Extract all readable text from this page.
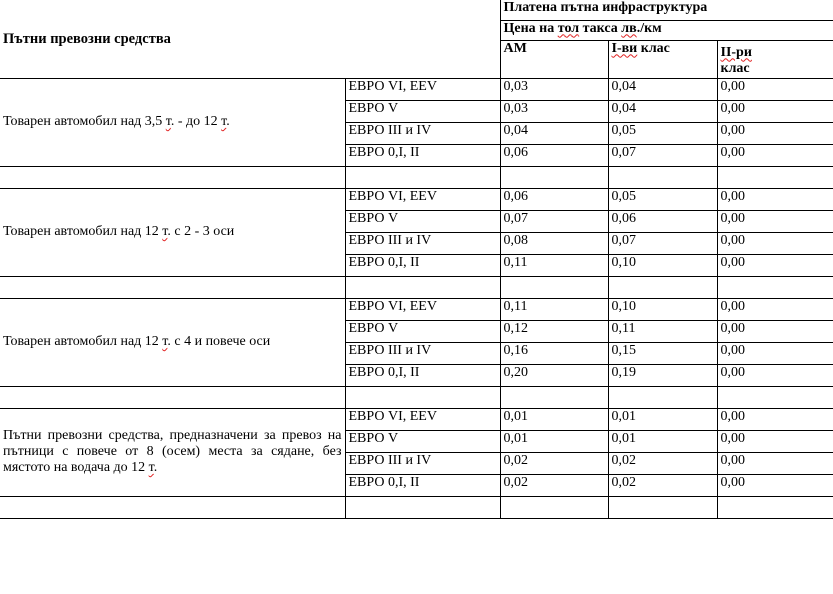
Пътни превозни средства		Платена пътна инфраструктура		
		Цена на тол такса лв./км		
		АМ	I-ви клас	II-ри
клас

Товарен автомобил над 3,5 т. - до 12 т.	ЕВРО VI, EEV	0,03	0,04	0,00
	ЕВРО V	0,03	0,04	0,00
	ЕВРО III и IV	0,04	0,05	0,00
	ЕВРО 0,I, II	0,06	0,07	0,00

Товарен автомобил над 12 т. с 2 - 3 оси	ЕВРО VI, EEV	0,06	0,05	0,00
	ЕВРО V	0,07	0,06	0,00
	ЕВРО III и IV	0,08	0,07	0,00
	ЕВРО 0,I, II	0,11	0,10	0,00

Товарен автомобил над 12 т. с 4 и повече оси	ЕВРО VI, EEV	0,11	0,10	0,00
	ЕВРО V	0,12	0,11	0,00
	ЕВРО III и IV	0,16	0,15	0,00
	ЕВРО 0,I, II	0,20	0,19	0,00

Пътни превозни средства, предназначени за превоз на пътници с повече от 8 (осем) места за сядане, без мястото на водача до 12 т.	ЕВРО VI, EEV	0,01	0,01	0,00
	ЕВРО V	0,01	0,01	0,00
	ЕВРО III и IV	0,02	0,02	0,00
	ЕВРО 0,I, II	0,02	0,02	0,00
